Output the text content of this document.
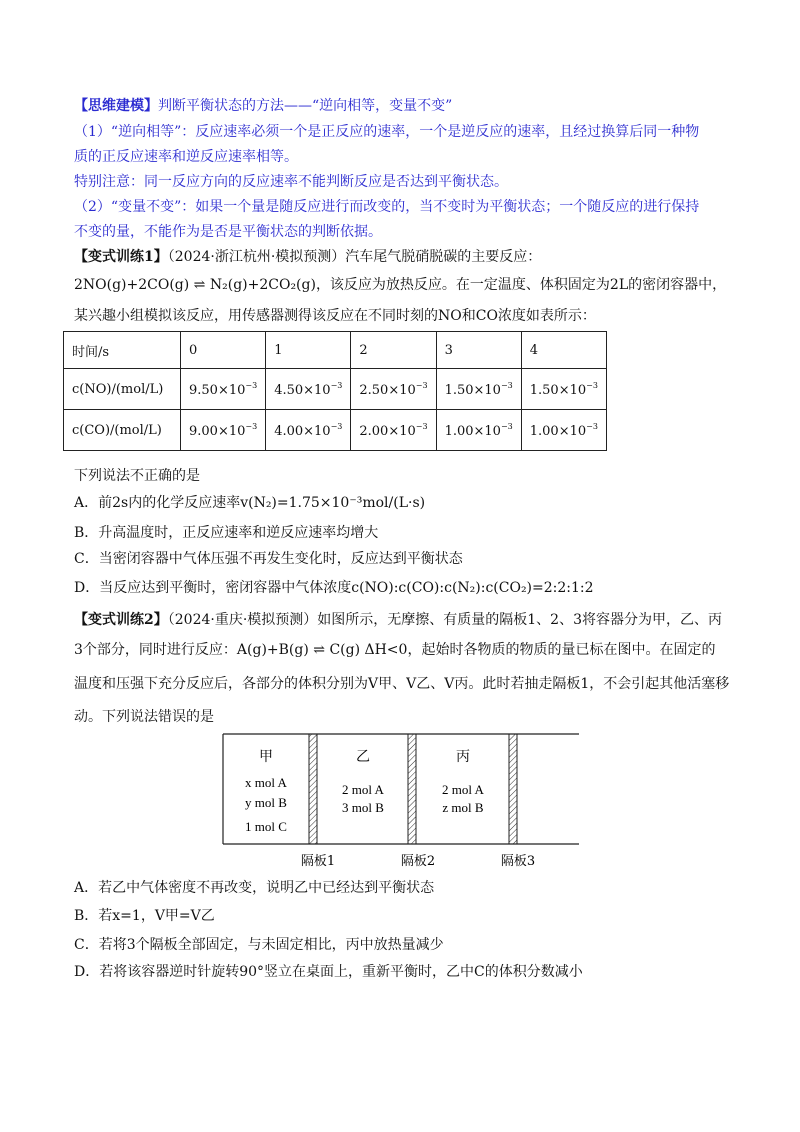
【思维建模】判断平衡状态的方法——“逆向相等，变量不变”
（1）“逆向相等”：反应速率必须一个是正反应的速率，一个是逆反应的速率，且经过换算后同一种物
质的正反应速率和逆反应速率相等。
特别注意：同一反应方向的反应速率不能判断反应是否达到平衡状态。
（2）“变量不变”：如果一个量是随反应进行而改变的，当不变时为平衡状态；一个随反应的进行保持
不变的量，不能作为是否是平衡状态的判断依据。
【变式训练1】（2024·浙江杭州·模拟预测）汽车尾气脱硝脱碳的主要反应：
2NO(g)+2CO(g) ⇌ N₂(g)+2CO₂(g)，该反应为放热反应。在一定温度、体积固定为2L的密闭容器中，
某兴趣小组模拟该反应，用传感器测得该反应在不同时刻的NO和CO浓度如表所示：
时间/s	0	1	2	3	4
c(NO)/(mol/L)	$9.50\times 10^{-3}$	$4.50\times 10^{-3}$	$2.50\times 10^{-3}$	$1.50\times 10^{-3}$	$1.50\times 10^{-3}$
c(CO)/(mol/L)	$9.00\times 10^{-3}$	$4.00\times 10^{-3}$	$2.00\times 10^{-3}$	$1.00\times 10^{-3}$	$1.00\times 10^{-3}$
下列说法不正确的是
A．前2s内的化学反应速率v(N₂)=1.75×10⁻³mol/(L·s)
B．升高温度时，正反应速率和逆反应速率均增大
C．当密闭容器中气体压强不再发生变化时，反应达到平衡状态
D．当反应达到平衡时，密闭容器中气体浓度c(NO):c(CO):c(N₂):c(CO₂)=2:2:1:2
【变式训练2】（2024·重庆·模拟预测）如图所示，无摩擦、有质量的隔板1、2、3将容器分为甲，乙、丙
3个部分，同时进行反应：A(g)+B(g) ⇌ C(g) ΔH<0，起始时各物质的物质的量已标在图中。在固定的
温度和压强下充分反应后，各部分的体积分别为V甲、V乙、V丙。此时若抽走隔板1，不会引起其他活塞移
动。下列说法错误的是
甲
x mol A
y mol B
1 mol C
乙
2 mol A
3 mol B
丙
2 mol A
z mol B
隔板1	隔板2	隔板3
A．若乙中气体密度不再改变，说明乙中已经达到平衡状态
B．若x=1，V甲=V乙
C．若将3个隔板全部固定，与未固定相比，丙中放热量减少
D．若将该容器逆时针旋转90°竖立在桌面上，重新平衡时，乙中C的体积分数减小
